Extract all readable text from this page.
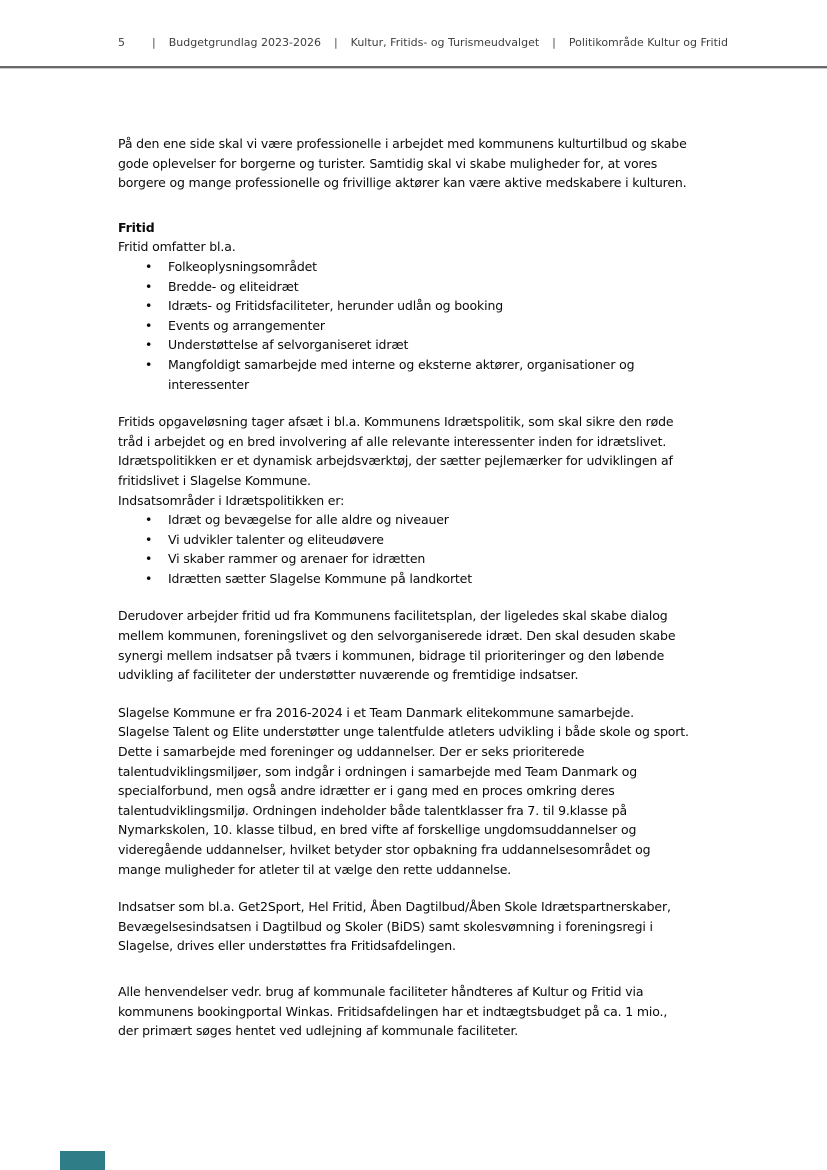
5 | Budgetgrundlag 2023-2026 | Kultur, Fritids- og Turismeudvalget | Politikområde Kultur og Fritid
På den ene side skal vi være professionelle i arbejdet med kommunens kulturtilbud og skabe
gode oplevelser for borgerne og turister. Samtidig skal vi skabe muligheder for, at vores
borgere og mange professionelle og frivillige aktører kan være aktive medskabere i kulturen.
Fritid
Fritid omfatter bl.a.
• Folkeoplysningsområdet
• Bredde- og eliteidræt
• Idræts- og Fritidsfaciliteter, herunder udlån og booking
• Events og arrangementer
• Understøttelse af selvorganiseret idræt
• Mangfoldigt samarbejde med interne og eksterne aktører, organisationer og
interessenter
Fritids opgaveløsning tager afsæt i bl.a. Kommunens Idrætspolitik, som skal sikre den røde
tråd i arbejdet og en bred involvering af alle relevante interessenter inden for idrætslivet.
Idrætspolitikken er et dynamisk arbejdsværktøj, der sætter pejlemærker for udviklingen af
fritidslivet i Slagelse Kommune.
Indsatsområder i Idrætspolitikken er:
• Idræt og bevægelse for alle aldre og niveauer
• Vi udvikler talenter og eliteudøvere
• Vi skaber rammer og arenaer for idrætten
• Idrætten sætter Slagelse Kommune på landkortet
Derudover arbejder fritid ud fra Kommunens facilitetsplan, der ligeledes skal skabe dialog
mellem kommunen, foreningslivet og den selvorganiserede idræt. Den skal desuden skabe
synergi mellem indsatser på tværs i kommunen, bidrage til prioriteringer og den løbende
udvikling af faciliteter der understøtter nuværende og fremtidige indsatser.
Slagelse Kommune er fra 2016-2024 i et Team Danmark elitekommune samarbejde.
Slagelse Talent og Elite understøtter unge talentfulde atleters udvikling i både skole og sport.
Dette i samarbejde med foreninger og uddannelser. Der er seks prioriterede
talentudviklingsmiljøer, som indgår i ordningen i samarbejde med Team Danmark og
specialforbund, men også andre idrætter er i gang med en proces omkring deres
talentudviklingsmiljø. Ordningen indeholder både talentklasser fra 7. til 9.klasse på
Nymarkskolen, 10. klasse tilbud, en bred vifte af forskellige ungdomsuddannelser og
videregående uddannelser, hvilket betyder stor opbakning fra uddannelsesområdet og
mange muligheder for atleter til at vælge den rette uddannelse.
Indsatser som bl.a. Get2Sport, Hel Fritid, Åben Dagtilbud/Åben Skole Idrætspartnerskaber,
Bevægelsesindsatsen i Dagtilbud og Skoler (BiDS) samt skolesvømning i foreningsregi i
Slagelse, drives eller understøttes fra Fritidsafdelingen.
Alle henvendelser vedr. brug af kommunale faciliteter håndteres af Kultur og Fritid via
kommunens bookingportal Winkas. Fritidsafdelingen har et indtægtsbudget på ca. 1 mio.,
der primært søges hentet ved udlejning af kommunale faciliteter.
